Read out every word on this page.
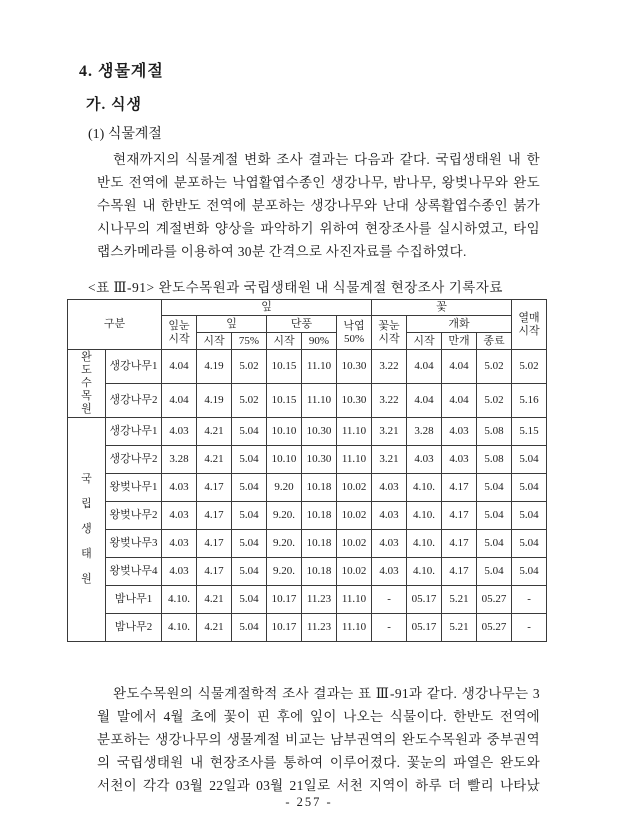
4. 생물계절
가. 식생
(1) 식물계절
현재까지의 식물계절 변화 조사 결과는 다음과 같다. 국립생태원 내 한
반도 전역에 분포하는 낙엽활엽수종인 생강나무, 밤나무, 왕벚나무와 완도
수목원 내 한반도 전역에 분포하는 생강나무와 난대 상록활엽수종인 붉가
시나무의 계절변화 양상을 파악하기 위하여 현장조사를 실시하였고, 타임
랩스카메라를 이용하여 30분 간격으로 사진자료를 수집하였다.
<표 Ⅲ-91> 완도수목원과 국립생태원 내 식물계절 현장조사 기록자료
구분		잎						꽃				열매 시작
		잎눈 시작	잎		단풍		낙엽 50%	꽃눈 시작	개화			
			시작	75%	시작	90%			시작	만개	종료	
완도수목원	생강나무1	4.04	4.19	5.02	10.15	11.10	10.30	3.22	4.04	4.04	5.02	5.02
	생강나무2	4.04	4.19	5.02	10.15	11.10	10.30	3.22	4.04	4.04	5.02	5.16
국립생태원	생강나무1	4.03	4.21	5.04	10.10	10.30	11.10	3.21	3.28	4.03	5.08	5.15
	생강나무2	3.28	4.21	5.04	10.10	10.30	11.10	3.21	4.03	4.03	5.08	5.04
	왕벚나무1	4.03	4.17	5.04	9.20	10.18	10.02	4.03	4.10.	4.17	5.04	5.04
	왕벚나무2	4.03	4.17	5.04	9.20.	10.18	10.02	4.03	4.10.	4.17	5.04	5.04
	왕벚나무3	4.03	4.17	5.04	9.20.	10.18	10.02	4.03	4.10.	4.17	5.04	5.04
	왕벚나무4	4.03	4.17	5.04	9.20.	10.18	10.02	4.03	4.10.	4.17	5.04	5.04
	밤나무1	4.10.	4.21	5.04	10.17	11.23	11.10	-	05.17	5.21	05.27	-
	밤나무2	4.10.	4.21	5.04	10.17	11.23	11.10	-	05.17	5.21	05.27	-
완도수목원의 식물계절학적 조사 결과는 표 Ⅲ-91과 같다. 생강나무는 3
월 말에서 4월 초에 꽃이 핀 후에 잎이 나오는 식물이다. 한반도 전역에
분포하는 생강나무의 생물계절 비교는 남부권역의 완도수목원과 중부권역
의 국립생태원 내 현장조사를 통하여 이루어졌다. 꽃눈의 파열은 완도와
서천이 각각 03월 22일과 03월 21일로 서천 지역이 하루 더 빨리 나타났
- 257 -
